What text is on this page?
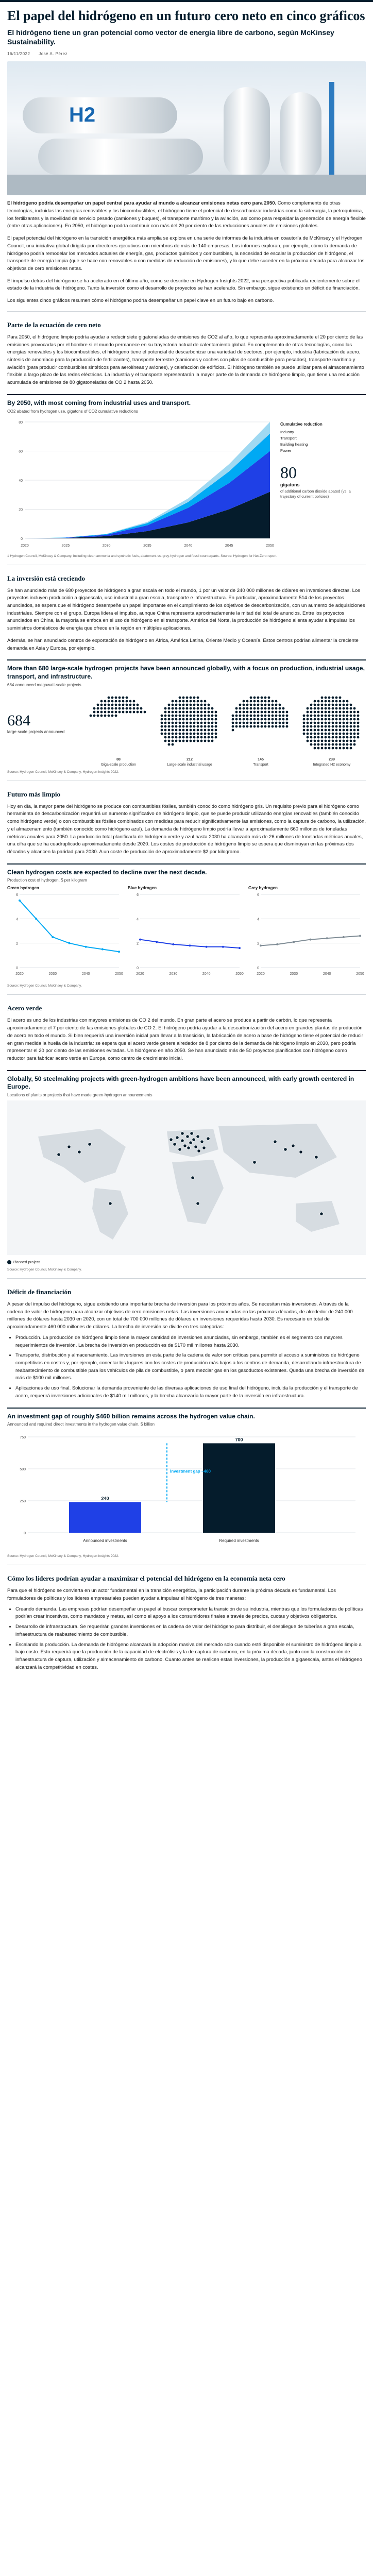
El papel del hidrógeno en un futuro cero neto en cinco gráficos
El hidrógeno tiene un gran potencial como vector de energía libre de carbono, según McKinsey Sustainability.
16/11/2022 Josè A. Pérez
H2

El hidrógeno podría desempeñar un papel central para ayudar al mundo a alcanzar emisiones netas cero para 2050. Como complemento de otras tecnologías, incluidas las energías renovables y los biocombustibles, el hidrógeno tiene el potencial de descarbonizar industrias como la siderurgia, la petroquímica, los fertilizantes y la movilidad de servicio pesado (camiones y buques), el transporte marítimo y la aviación, así como para respaldar la generación de energía flexible (entre otras aplicaciones). En 2050, el hidrógeno podría contribuir con más del 20 por ciento de las reducciones anuales de emisiones globales.

El papel potencial del hidrógeno en la transición energética más amplia se explora en una serie de informes de la industria en coautoría de McKinsey y el Hydrogen Council, una iniciativa global dirigida por directores ejecutivos con miembros de más de 140 empresas. Los informes exploran, por ejemplo, cómo la demanda de hidrógeno podría remodelar los mercados actuales de energía, gas, productos químicos y combustibles, la necesidad de escalar la producción de hidrógeno, el transporte de energía limpia (que se hace con renovables o con medidas de reducción de emisiones), y lo que debe suceder en la próxima década para alcanzar los objetivos de cero emisiones netas.

El impulso detrás del hidrógeno se ha acelerado en el último año, como se describe en Hydrogen Insights 2022, una perspectiva publicada recientemente sobre el estado de la industria del hidrógeno. Tanto la inversión como el desarrollo de proyectos se han acelerado. Sin embargo, sigue existiendo un déficit de financiación.

Los siguientes cinco gráficos resumen cómo el hidrógeno podría desempeñar un papel clave en un futuro bajo en carbono.

Parte de la ecuación de cero neto

Para 2050, el hidrógeno limpio podría ayudar a reducir siete gigatoneladas de emisiones de CO2 al año, lo que representa aproximadamente el 20 por ciento de las emisiones provocadas por el hombre si el mundo permanece en su trayectoria actual de calentamiento global. En complemento de otras tecnologías, como las energías renovables y los biocombustibles, el hidrógeno tiene el potencial de descarbonizar una variedad de sectores, por ejemplo, industria (fabricación de acero, síntesis de amoníaco para la producción de fertilizantes), transporte terrestre (camiones y coches con pilas de combustible para pesados), transporte marítimo y aviación (para producir combustibles sintéticos para aerolíneas y aviones), y calefacción de edificios. El hidrógeno también se puede utilizar para el almacenamiento flexible a largo plazo de las redes eléctricas. La industria y el transporte representarán la mayor parte de la demanda de hidrógeno limpio, que tiene una reducción acumulada de emisiones de 80 gigatoneladas de CO 2 hasta 2050.

By 2050, with most coming from industrial uses and transport.
CO2 abated from hydrogen use, gigatons of CO2 cumulative reductions
0
20
40
60
80
2020	2025	2030	2035	2040	2045	2050
Cumulative reduction
Industry
Transport
Building heating
Power
80
gigatons
of additional carbon dioxide abated (vs. a trajectory of current policies)
1 Hydrogen Council, McKinsey & Company. Including clean ammonia and synthetic fuels, abatement vs. grey-hydrogen and fossil counterparts. Source: Hydrogen for Net-Zero report.
La inversión está creciendo

Se han anunciado más de 680 proyectos de hidrógeno a gran escala en todo el mundo, 1 por un valor de 240 000 millones de dólares en inversiones directas. Los proyectos incluyen producción a gigaescala, uso industrial a gran escala, transporte e infraestructura. En particular, aproximadamente 514 de los proyectos anunciados, se espera que el hidrógeno desempeñe un papel importante en el cumplimiento de los objetivos de descarbonización, con un aumento de adquisiciones industriales. Siempre con el grupo. Europa lidera el impulso, aunque China representa aproximadamente la mitad del total de anuncios. Entre los proyectos anunciados en China, la mayoría se enfoca en el uso de hidrógeno en el transporte. América del Norte, la producción de hidrógeno alienta ayudar a impulsar los suministros domésticos de energía que ofrece en la región en múltiples aplicaciones.

Además, se han anunciado centros de exportación de hidrógeno en África, América Latina, Oriente Medio y Oceanía. Estos centros podrían alimentar la creciente demanda en Asia y Europa, por ejemplo.

More than 680 large-scale hydrogen projects have been announced globally, with a focus on production, industrial usage, transport, and infrastructure.
684 announced megawatt-scale projects
684
large-scale projects announced
88
Giga-scale production
212
Large-scale industrial usage
145
Transport
239
Integrated H2 economy
Source: Hydrogen Council, McKinsey & Company, Hydrogen Insights 2022.
Futuro más limpio

Hoy en día, la mayor parte del hidrógeno se produce con combustibles fósiles, también conocido como hidrógeno gris. Un requisito previo para el hidrógeno como herramienta de descarbonización requerirá un aumento significativo de hidrógeno limpio, que se puede producir utilizando energías renovables (también conocido como hidrógeno verde) o con combustibles fósiles combinados con medidas para reducir significativamente las emisiones, como la captura de carbono, la utilización, y el almacenamiento (también conocido como hidrógeno azul). La demanda de hidrógeno limpio podría llevar a aproximadamente 660 millones de toneladas métricas anuales para 2050. La producción total planificada de hidrógeno verde y azul hasta 2030 ha alcanzado más de 26 millones de toneladas métricas anuales, una cifra que se ha cuadruplicado aproximadamente desde 2020. Los costes de producción de hidrógeno limpio se espera que disminuyan en las próximas dos décadas y alcancen la paridad para 2030. A un coste de producción de aproximadamente $2 por kilogramo.

Clean hydrogen costs are expected to decline over the next decade.
Production cost of hydrogen, $ per kilogram
Green hydrogen
0
2
4
6
2020	2030	2040	2050
Blue hydrogen
0
2
4
6
2020	2030	2040	2050
Grey hydrogen
0
2
4
6
2020	2030	2040	2050
Source: Hydrogen Council, McKinsey & Company.
Acero verde

El acero es uno de los industrias con mayores emisiones de CO 2 del mundo. En gran parte el acero se produce a partir de carbón, lo que representa aproximadamente el 7 por ciento de las emisiones globales de CO 2. El hidrógeno podría ayudar a la descarbonización del acero en grandes plantas de producción de acero en todo el mundo. Si bien requerirá una inversión inicial para llevar a la transición, la fabricación de acero a base de hidrógeno tiene el potencial de reducir en gran medida la huella de la industria: se espera que el acero verde genere alrededor de 8 por ciento de la demanda de hidrógeno limpio en 2030, pero podría representar el 20 por ciento de las emisiones evitadas. Un hidrógeno en año 2050. Se han anunciado más de 50 proyectos planificados con hidrógeno como reductor para fabricar acero verde en Europa, como centro de crecimiento inicial.

Globally, 50 steelmaking projects with green-hydrogen ambitions have been announced, with early growth centered in Europe.
Locations of plants or projects that have made green-hydrogen announcements
Planned project
Source: Hydrogen Council, McKinsey & Company.
Déficit de financiación

A pesar del impulso del hidrógeno, sigue existiendo una importante brecha de inversión para los próximos años. Se necesitan más inversiones. A través de la cadena de valor de hidrógeno para alcanzar objetivos de cero emisiones netas. Las inversiones anunciadas en las próximas décadas, de alrededor de 240 000 millones de dólares hasta 2030 en 2020, con un total de 700 000 millones de dólares en inversiones requeridas hasta 2030. Es necesario un total de aproximadamente 460 000 millones de dólares. La brecha de inversión se divide en tres categorías:

• Producción. La producción de hidrógeno limpio tiene la mayor cantidad de inversiones anunciadas, sin embargo, también es el segmento con mayores requerimientos de inversión. La brecha de inversión en producción es de $170 mil millones hasta 2030.
• Transporte, distribución y almacenamiento. Las inversiones en esta parte de la cadena de valor son críticas para permitir el acceso a suministros de hidrógeno competitivos en costes y, por ejemplo, conectar los lugares con los costes de producción más bajos a los centros de demanda, desarrollando infraestructura de reabastecimiento de combustible para los vehículos de pila de combustible, o para mezclar gas en los gasoductos existentes. Queda una brecha de inversión de más de $100 mil millones.
• Aplicaciones de uso final. Solucionar la demanda proveniente de las diversas aplicaciones de uso final del hidrógeno, incluida la producción y el transporte de acero, requerirá inversiones adicionales de $140 mil millones, y la brecha alcanzaría la mayor parte de la inversión en infraestructura.
An investment gap of roughly $460 billion remains across the hydrogen value chain.
Announced and required direct investments in the hydrogen value chain, $ billion
0
250
500
750
240
Announced investments
700
Required investments
Investment gap ~460
Source: Hydrogen Council, McKinsey & Company, Hydrogen Insights 2022.
Cómo los líderes podrían ayudar a maximizar el potencial del hidrógeno en la economía neta cero

Para que el hidrógeno se convierta en un actor fundamental en la transición energética, la participación durante la próxima década es fundamental. Los formuladores de políticas y los líderes empresariales pueden ayudar a impulsar el hidrógeno de tres maneras:

• Creando demanda. Las empresas podrían desempeñar un papel al buscar comprometer la transición de su industria, mientras que los formuladores de políticas podrían crear incentivos, como mandatos y metas, así como el apoyo a los consumidores finales a través de precios, cuotas y objetivos obligatorios.
• Desarrollo de infraestructura. Se requerirán grandes inversiones en la cadena de valor del hidrógeno para distribuir, el despliegue de tuberías a gran escala, infraestructura de reabastecimiento de combustible.
• Escalando la producción. La demanda de hidrógeno alcanzará la adopción masiva del mercado solo cuando esté disponible el suministro de hidrógeno limpio a bajo costo. Esto requerirá que la producción de la capacidad de electrólisis y la de captura de carbono, en la próxima década, junto con la construcción de infraestructura de captura, utilización y almacenamiento de carbono. Cuanto antes se realicen estas inversiones, la producción a gigaescala, antes el hidrógeno alcanzará la competitividad en costes.
